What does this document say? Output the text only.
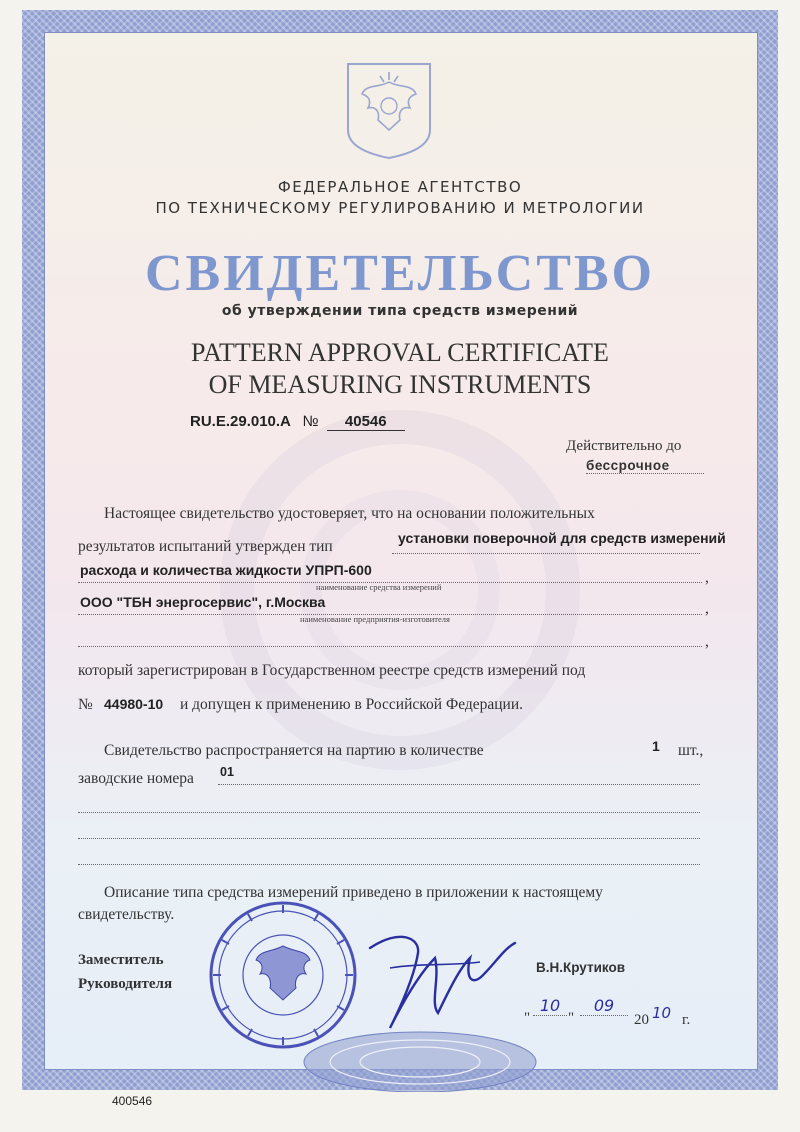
ФЕДЕРАЛЬНОЕ АГЕНТСТВО
ПО ТЕХНИЧЕСКОМУ РЕГУЛИРОВАНИЮ И МЕТРОЛОГИИ
СВИДЕТЕЛЬСТВО
об утверждении типа средств измерений
PATTERN APPROVAL CERTIFICATE
OF MEASURING INSTRUMENTS
RU.E.29.010.A № 40546
Действительно до
бессрочное
Настоящее свидетельство удостоверяет, что на основании положительных
результатов испытаний утвержден тип	установки поверочной для средств измерений
расхода и количества жидкости УПРП-600	,
наименование средства измерений
ООО "ТБН энергосервис", г.Москва	,
наименование предприятия-изготовителя
,
который зарегистрирован в Государственном реестре средств измерений под
№ 44980-10 и допущен к применению в Российской Федерации.
Свидетельство распространяется на партию в количестве	1 шт.,
заводские номера 01
Описание типа средства измерений приведено в приложении к настоящему
свидетельству.
Заместитель
Руководителя
В.Н.Крутиков
"
10
"
09
20 10 г.
400546
